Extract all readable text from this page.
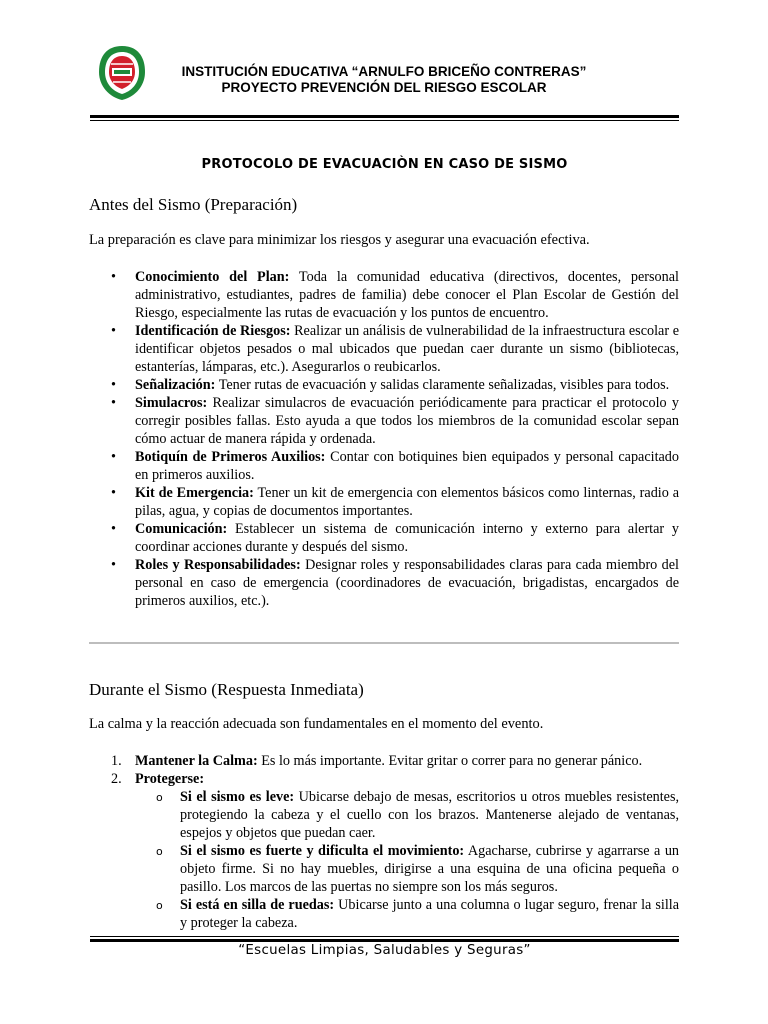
INSTITUCIÓN EDUCATIVA “ARNULFO BRICEÑO CONTRERAS”
PROYECTO PREVENCIÓN DEL RIESGO ESCOLAR
PROTOCOLO DE EVACUACIÒN EN CASO DE SISMO
Antes del Sismo (Preparación)
La preparación es clave para minimizar los riesgos y asegurar una evacuación efectiva.
• Conocimiento del Plan: Toda la comunidad educativa (directivos, docentes, personal administrativo, estudiantes, padres de familia) debe conocer el Plan Escolar de Gestión del Riesgo, especialmente las rutas de evacuación y los puntos de encuentro.
• Identificación de Riesgos: Realizar un análisis de vulnerabilidad de la infraestructura escolar e identificar objetos pesados o mal ubicados que puedan caer durante un sismo (bibliotecas, estanterías, lámparas, etc.). Asegurarlos o reubicarlos.
• Señalización: Tener rutas de evacuación y salidas claramente señalizadas, visibles para todos.
• Simulacros: Realizar simulacros de evacuación periódicamente para practicar el protocolo y corregir posibles fallas. Esto ayuda a que todos los miembros de la comunidad escolar sepan cómo actuar de manera rápida y ordenada.
• Botiquín de Primeros Auxilios: Contar con botiquines bien equipados y personal capacitado en primeros auxilios.
• Kit de Emergencia: Tener un kit de emergencia con elementos básicos como linternas, radio a pilas, agua, y copias de documentos importantes.
• Comunicación: Establecer un sistema de comunicación interno y externo para alertar y coordinar acciones durante y después del sismo.
• Roles y Responsabilidades: Designar roles y responsabilidades claras para cada miembro del personal en caso de emergencia (coordinadores de evacuación, brigadistas, encargados de primeros auxilios, etc.).
Durante el Sismo (Respuesta Inmediata)
La calma y la reacción adecuada son fundamentales en el momento del evento.
1. Mantener la Calma: Es lo más importante. Evitar gritar o correr para no generar pánico.
2. Protegerse:
o Si el sismo es leve: Ubicarse debajo de mesas, escritorios u otros muebles resistentes, protegiendo la cabeza y el cuello con los brazos. Mantenerse alejado de ventanas, espejos y objetos que puedan caer.
o Si el sismo es fuerte y dificulta el movimiento: Agacharse, cubrirse y agarrarse a un objeto firme. Si no hay muebles, dirigirse a una esquina de una oficina pequeña o pasillo. Los marcos de las puertas no siempre son los más seguros.
o Si está en silla de ruedas: Ubicarse junto a una columna o lugar seguro, frenar la silla y proteger la cabeza.
“Escuelas Limpias, Saludables y Seguras”
